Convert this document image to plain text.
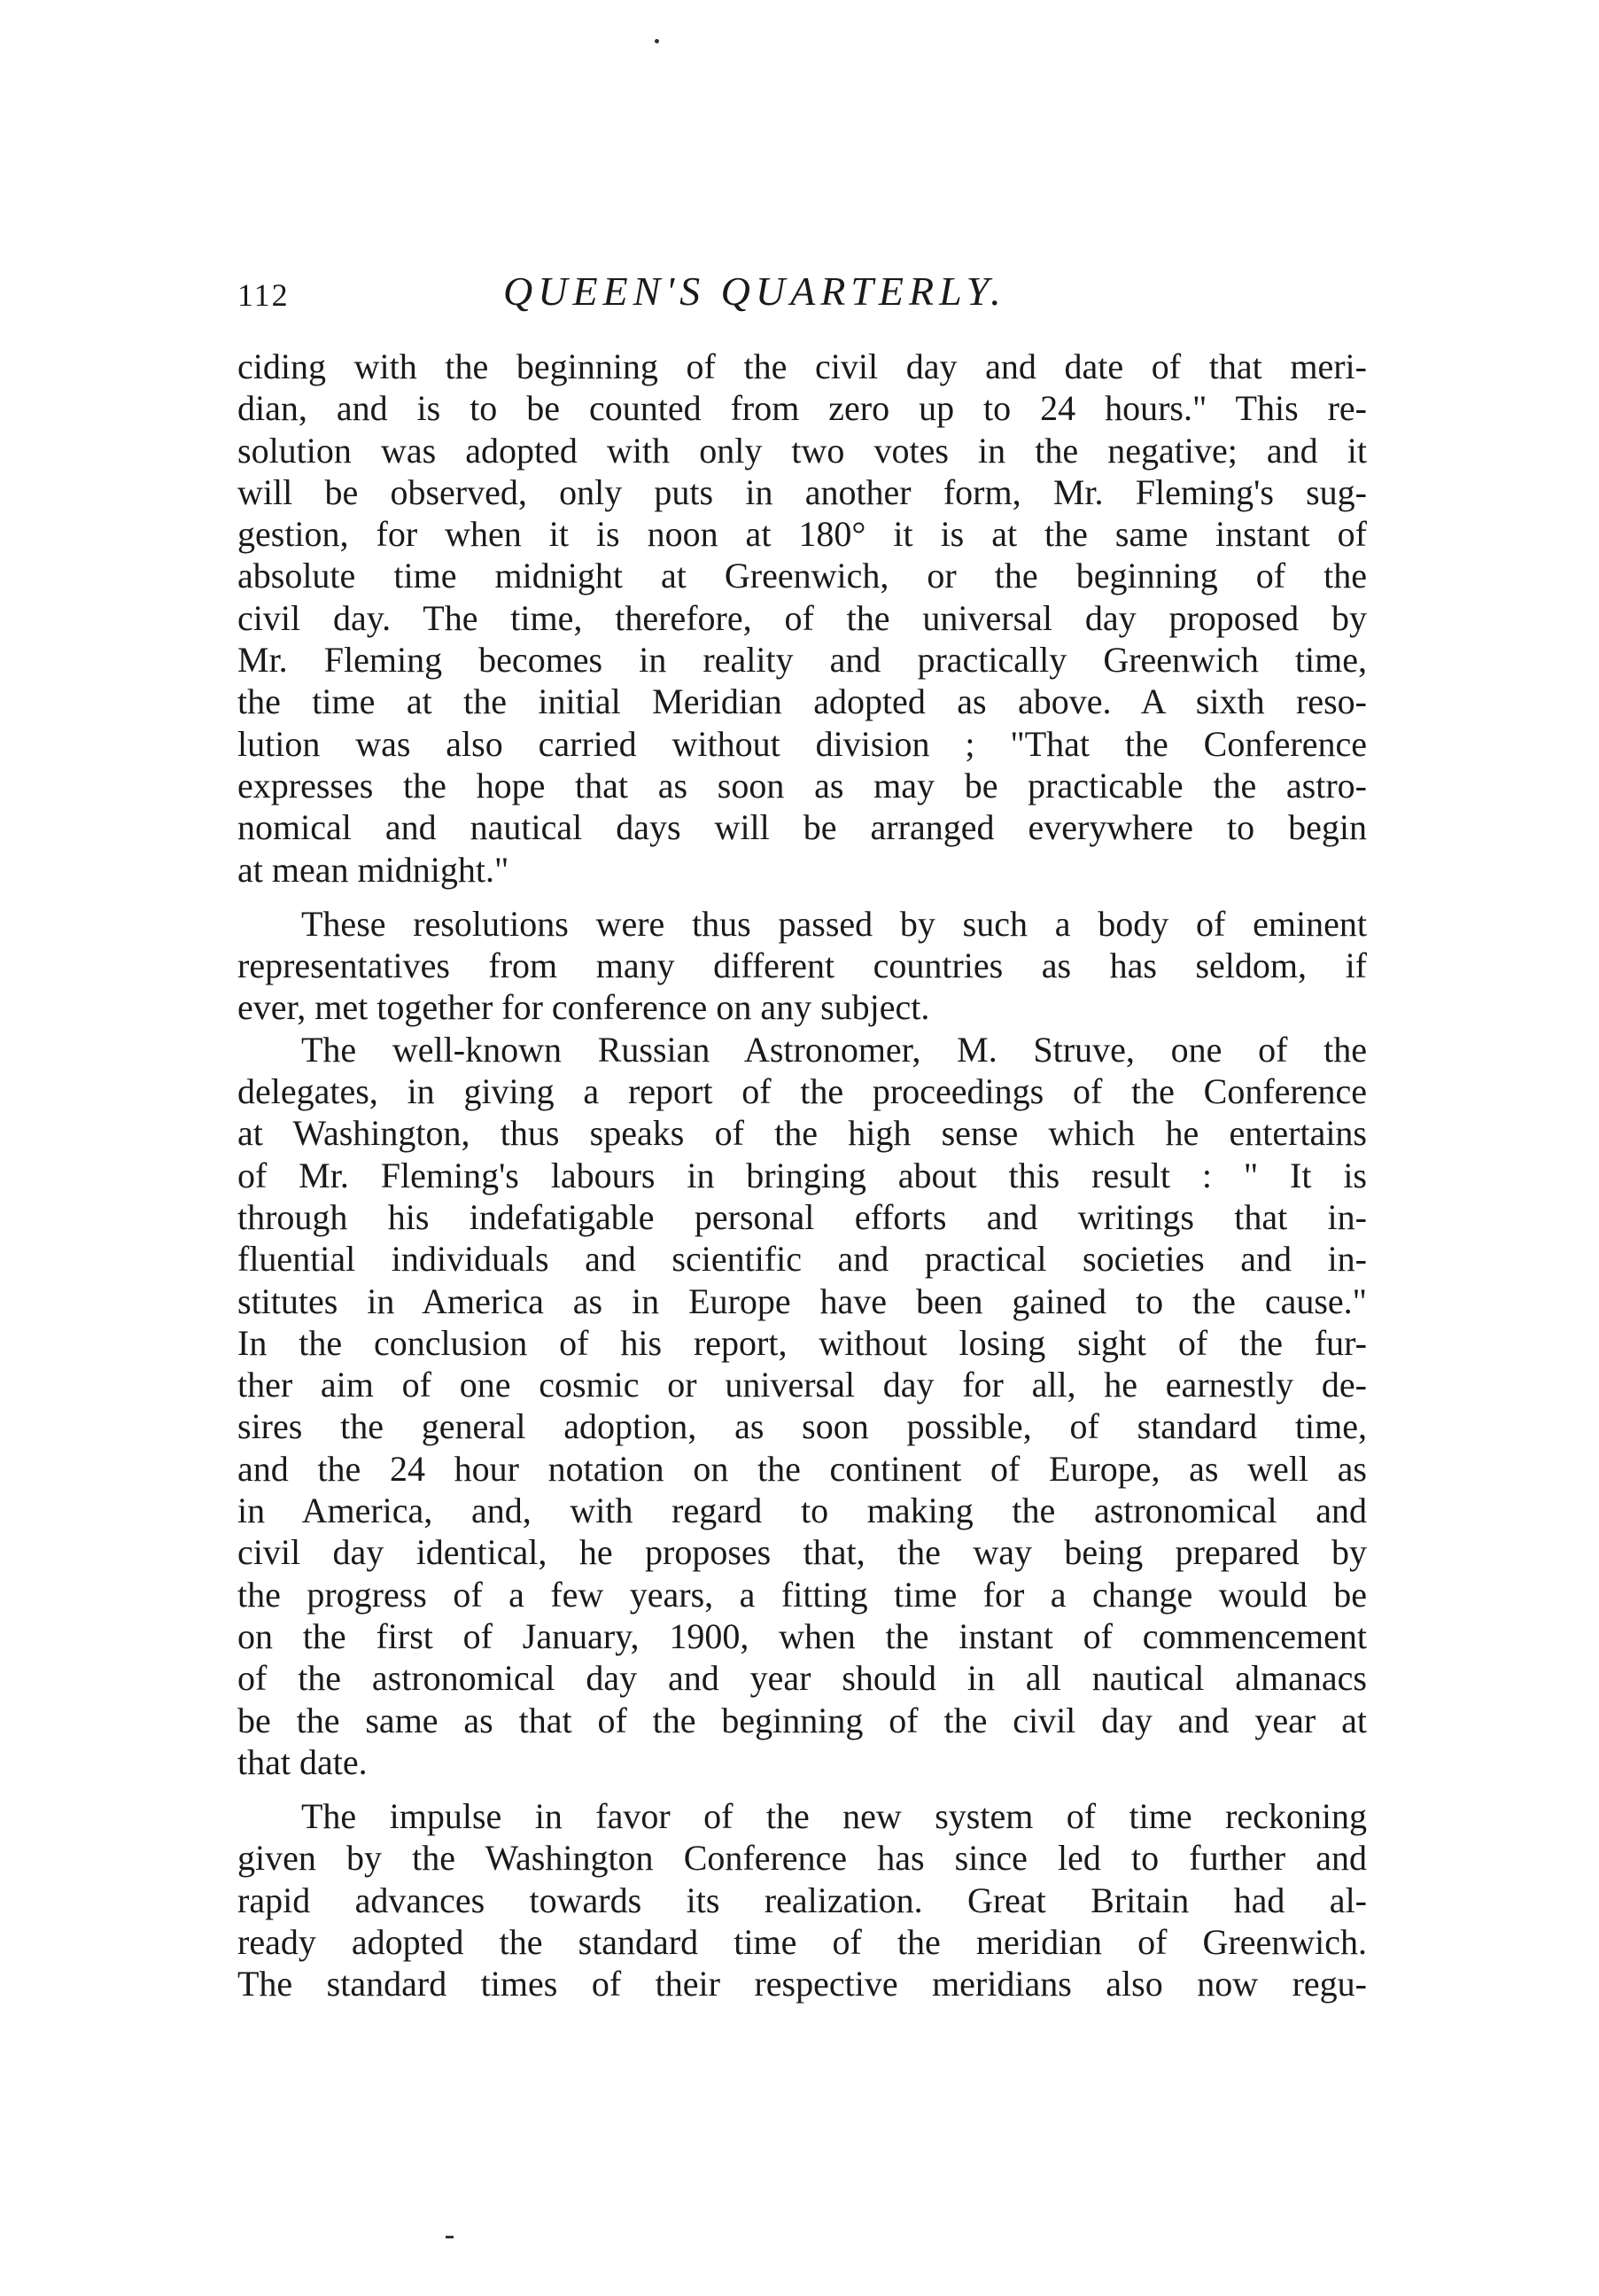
112	QUEEN'S QUARTERLY.
ciding with the beginning of the civil day and date of that meri-
dian, and is to be counted from zero up to 24 hours." This re-
solution was adopted with only two votes in the negative; and it
will be observed, only puts in another form, Mr. Fleming's sug-
gestion, for when it is noon at 180° it is at the same instant of
absolute time midnight at Greenwich, or the beginning of the
civil day. The time, therefore, of the universal day proposed by
Mr. Fleming becomes in reality and practically Greenwich time,
the time at the initial Meridian adopted as above. A sixth reso-
lution was also carried without division ; "That the Conference
expresses the hope that as soon as may be practicable the astro-
nomical and nautical days will be arranged everywhere to begin
at mean midnight."
These resolutions were thus passed by such a body of eminent
representatives from many different countries as has seldom, if
ever, met together for conference on any subject.
The well-known Russian Astronomer, M. Struve, one of the
delegates, in giving a report of the proceedings of the Conference
at Washington, thus speaks of the high sense which he entertains
of Mr. Fleming's labours in bringing about this result : " It is
through his indefatigable personal efforts and writings that in-
fluential individuals and scientific and practical societies and in-
stitutes in America as in Europe have been gained to the cause."
In the conclusion of his report, without losing sight of the fur-
ther aim of one cosmic or universal day for all, he earnestly de-
sires the general adoption, as soon possible, of standard time,
and the 24 hour notation on the continent of Europe, as well as
in America, and, with regard to making the astronomical and
civil day identical, he proposes that, the way being prepared by
the progress of a few years, a fitting time for a change would be
on the first of January, 1900, when the instant of commencement
of the astronomical day and year should in all nautical almanacs
be the same as that of the beginning of the civil day and year at
that date.
The impulse in favor of the new system of time reckoning
given by the Washington Conference has since led to further and
rapid advances towards its realization. Great Britain had al-
ready adopted the standard time of the meridian of Greenwich.
The standard times of their respective meridians also now regu-
